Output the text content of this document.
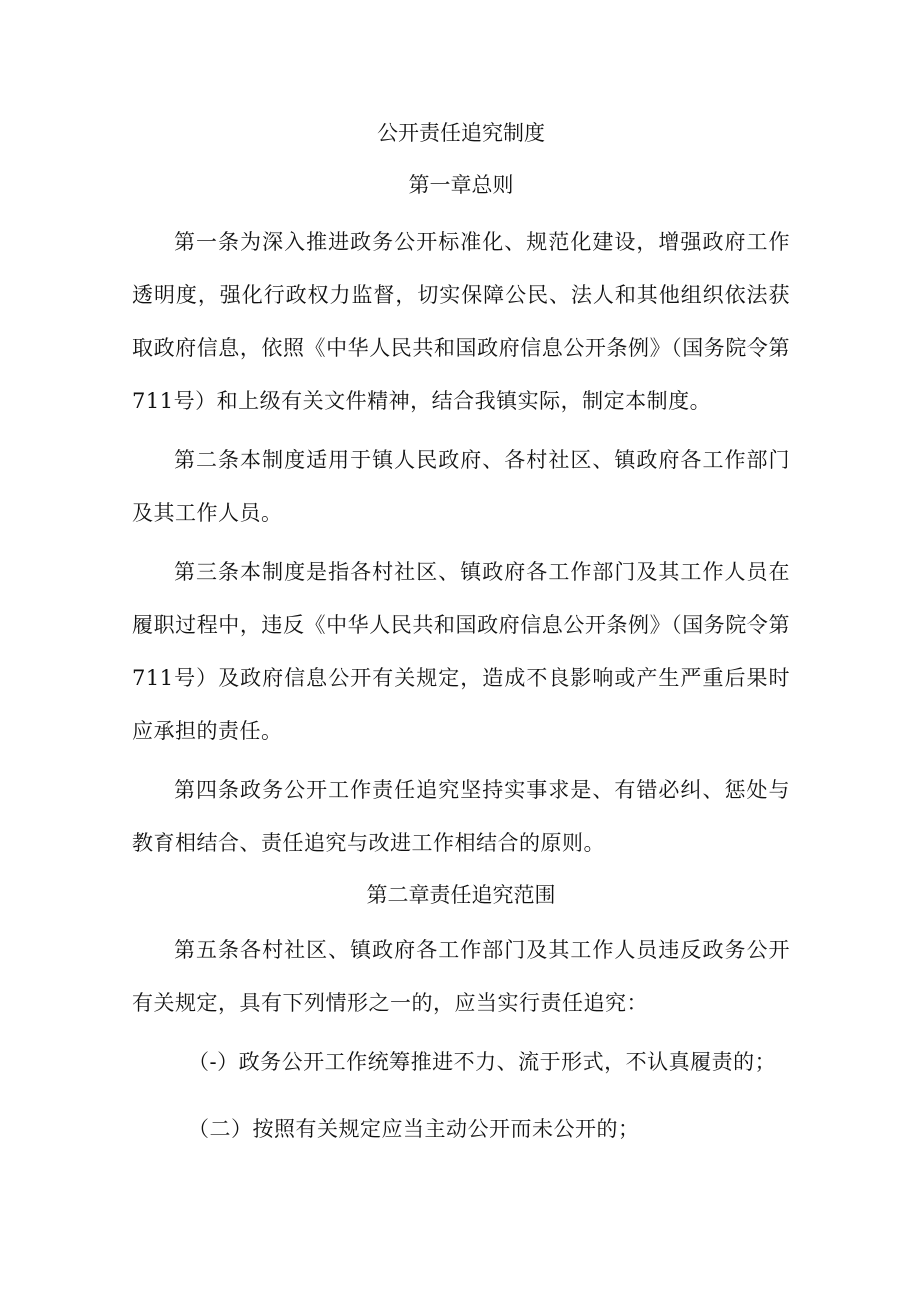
公开责任追究制度
第一章总则

第一条为深入推进政务公开标准化、规范化建设，增强政府工作透明度，强化行政权力监督，切实保障公民、法人和其他组织依法获取政府信息，依照《中华人民共和国政府信息公开条例》（国务院令第711号）和上级有关文件精神，结合我镇实际，制定本制度。

第二条本制度适用于镇人民政府、各村社区、镇政府各工作部门及其工作人员。

第三条本制度是指各村社区、镇政府各工作部门及其工作人员在履职过程中，违反《中华人民共和国政府信息公开条例》（国务院令第711号）及政府信息公开有关规定，造成不良影响或产生严重后果时应承担的责任。

第四条政务公开工作责任追究坚持实事求是、有错必纠、惩处与教育相结合、责任追究与改进工作相结合的原则。

第二章责任追究范围

第五条各村社区、镇政府各工作部门及其工作人员违反政务公开有关规定，具有下列情形之一的，应当实行责任追究：

（-）政务公开工作统筹推进不力、流于形式，不认真履责的；

（二）按照有关规定应当主动公开而未公开的；
